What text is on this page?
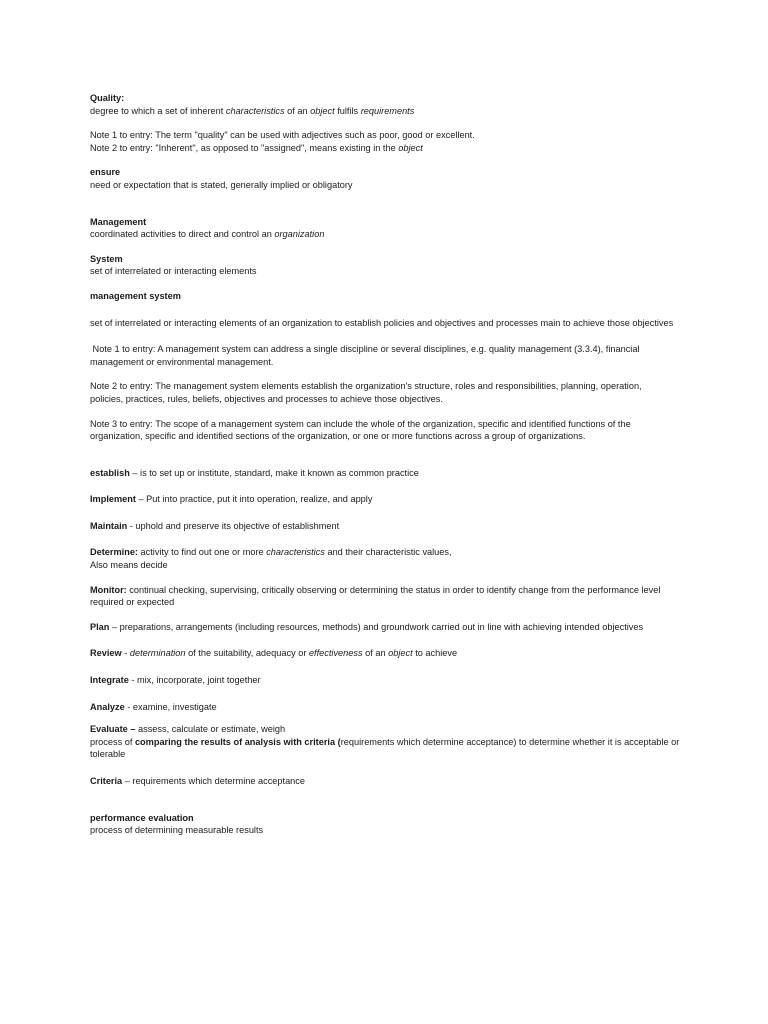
Quality:
degree to which a set of inherent characteristics of an object fulfils requirements
Note 1 to entry: The term "quality" can be used with adjectives such as poor, good or excellent.
Note 2 to entry: "Inherent", as opposed to "assigned", means existing in the object
ensure
need or expectation that is stated, generally implied or obligatory
Management
coordinated activities to direct and control an organization
System
set of interrelated or interacting elements
management system
set of interrelated or interacting elements of an organization to establish policies and objectives and processes main to achieve those objectives
Note 1 to entry: A management system can address a single discipline or several disciplines, e.g. quality management (3.3.4), financial
management or environmental management.
Note 2 to entry: The management system elements establish the organization's structure, roles and responsibilities, planning, operation,
policies, practices, rules, beliefs, objectives and processes to achieve those objectives.
Note 3 to entry: The scope of a management system can include the whole of the organization, specific and identified functions of the
organization, specific and identified sections of the organization, or one or more functions across a group of organizations.
establish – is to set up or institute, standard, make it known as common practice
Implement – Put into practice, put it into operation, realize, and apply
Maintain - uphold and preserve its objective of establishment
Determine: activity to find out one or more characteristics and their characteristic values,
Also means decide
Monitor: continual checking, supervising, critically observing or determining the status in order to identify change from the performance level
required or expected
Plan – preparations, arrangements (including resources, methods) and groundwork carried out in line with achieving intended objectives
Review - determination of the suitability, adequacy or effectiveness of an object to achieve
Integrate - mix, incorporate, joint together
Analyze - examine, investigate
Evaluate – assess, calculate or estimate, weigh
process of comparing the results of analysis with criteria (requirements which determine acceptance) to determine whether it is acceptable or
tolerable
Criteria – requirements which determine acceptance
performance evaluation
process of determining measurable results
